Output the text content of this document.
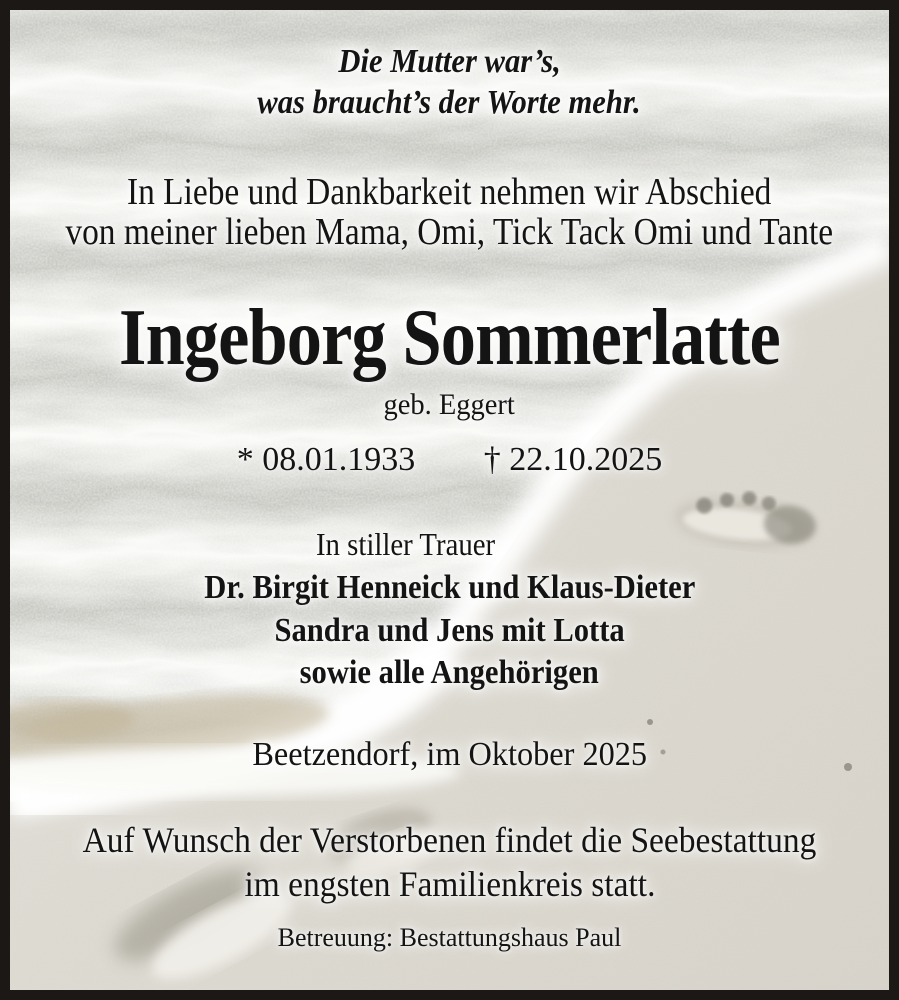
Die Mutter war’s,
was braucht’s der Worte mehr.
In Liebe und Dankbarkeit nehmen wir Abschied
von meiner lieben Mama, Omi, Tick Tack Omi und Tante
Ingeborg Sommerlatte
geb. Eggert
* 08.01.1933 † 22.10.2025
In stiller Trauer
Dr. Birgit Henneick und Klaus-Dieter
Sandra und Jens mit Lotta
sowie alle Angehörigen
Beetzendorf, im Oktober 2025
Auf Wunsch der Verstorbenen findet die Seebestattung
im engsten Familienkreis statt.
Betreuung: Bestattungshaus Paul
